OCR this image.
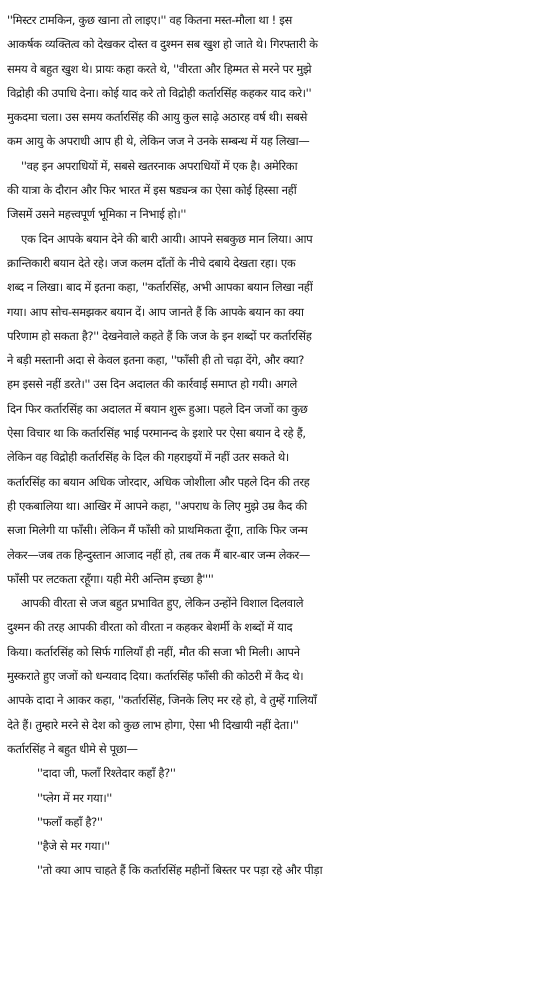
''मिस्टर टामकिन, कुछ खाना तो लाइए।'' वह कितना मस्त-मौला था ! इस
आकर्षक व्यक्तित्व को देखकर दोस्त व दुश्मन सब खुश हो जाते थे। गिरफ्तारी के
समय वे बहुत खुश थे। प्रायः कहा करते थे, ''वीरता और हिम्मत से मरने पर मुझे
विद्रोही की उपाधि देना। कोई याद करे तो विद्रोही कर्तारसिंह कहकर याद करे।''
मुकदमा चला। उस समय कर्तारसिंह की आयु कुल साढ़े अठारह वर्ष थी। सबसे
कम आयु के अपराधी आप ही थे, लेकिन जज ने उनके सम्बन्ध में यह लिखा—
''वह इन अपराधियों में, सबसे खतरनाक अपराधियों में एक है। अमेरिका
की यात्रा के दौरान और फिर भारत में इस षड्यन्त्र का ऐसा कोई हिस्सा नहीं
जिसमें उसने महत्त्वपूर्ण भूमिका न निभाई हो।''
एक दिन आपके बयान देने की बारी आयी। आपने सबकुछ मान लिया। आप
क्रान्तिकारी बयान देते रहे। जज कलम दाँतों के नीचे दबाये देखता रहा। एक
शब्द न लिखा। बाद में इतना कहा, ''कर्तारसिंह, अभी आपका बयान लिखा नहीं
गया। आप सोच-समझकर बयान दें। आप जानते हैं कि आपके बयान का क्या
परिणाम हो सकता है?'' देखनेवाले कहते हैं कि जज के इन शब्दों पर कर्तारसिंह
ने बड़ी मस्तानी अदा से केवल इतना कहा, ''फाँसी ही तो चढ़ा देंगे, और क्या?
हम इससे नहीं डरते।'' उस दिन अदालत की कार्रवाई समाप्त हो गयी। अगले
दिन फिर कर्तारसिंह का अदालत में बयान शुरू हुआ। पहले दिन जजों का कुछ
ऐसा विचार था कि कर्तारसिंह भाई परमानन्द के इशारे पर ऐसा बयान दे रहे हैं,
लेकिन वह विद्रोही कर्तारसिंह के दिल की गहराइयों में नहीं उतर सकते थे।
कर्तारसिंह का बयान अधिक जोरदार, अधिक जोशीला और पहले दिन की तरह
ही एकबालिया था। आखिर में आपने कहा, ''अपराध के लिए मुझे उम्र कैद की
सजा मिलेगी या फाँसी। लेकिन मैं फाँसी को प्राथमिकता दूँगा, ताकि फिर जन्म
लेकर—जब तक हिन्दुस्तान आजाद नहीं हो, तब तक मैं बार-बार जन्म लेकर—
फाँसी पर लटकता रहूँगा। यही मेरी अन्तिम इच्छा है''''
आपकी वीरता से जज बहुत प्रभावित हुए, लेकिन उन्होंने विशाल दिलवाले
दुश्मन की तरह आपकी वीरता को वीरता न कहकर बेशर्मी के शब्दों में याद
किया। कर्तारसिंह को सिर्फ गालियाँ ही नहीं, मौत की सजा भी मिली। आपने
मुस्कराते हुए जजों को धन्यवाद दिया। कर्तारसिंह फाँसी की कोठरी में कैद थे।
आपके दादा ने आकर कहा, ''कर्तारसिंह, जिनके लिए मर रहे हो, वे तुम्हें गालियाँ
देते हैं। तुम्हारे मरने से देश को कुछ लाभ होगा, ऐसा भी दिखायी नहीं देता।''
कर्तारसिंह ने बहुत धीमे से पूछा—
''दादा जी, फलाँ रिश्तेदार कहाँ है?''
''प्लेग में मर गया।''
''फलाँ कहाँ है?''
''हैजे से मर गया।''
''तो क्या आप चाहते हैं कि कर्तारसिंह महीनों बिस्तर पर पड़ा रहे और पीड़ा
